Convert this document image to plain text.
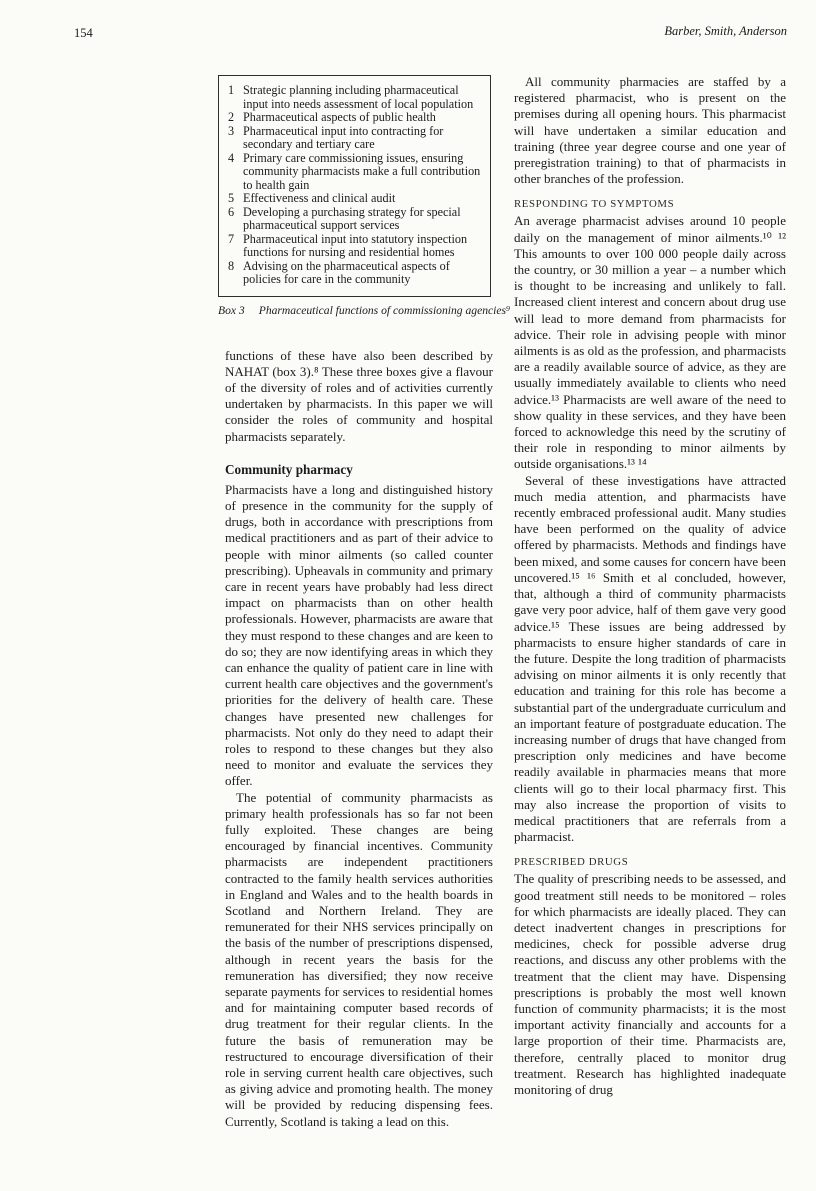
154	Barber, Smith, Anderson
1 Strategic planning including pharmaceutical input into needs assessment of local population
2 Pharmaceutical aspects of public health
3 Pharmaceutical input into contracting for secondary and tertiary care
4 Primary care commissioning issues, ensuring community pharmacists make a full contribution to health gain
5 Effectiveness and clinical audit
6 Developing a purchasing strategy for special pharmaceutical support services
7 Pharmaceutical input into statutory inspection functions for nursing and residential homes
8 Advising on the pharmaceutical aspects of policies for care in the community
Box 3 Pharmaceutical functions of commissioning agencies⁹

functions of these have also been described by NAHAT (box 3).⁸ These three boxes give a flavour of the diversity of roles and of activities currently undertaken by pharmacists. In this paper we will consider the roles of community and hospital pharmacists separately.

Community pharmacy

Pharmacists have a long and distinguished history of presence in the community for the supply of drugs, both in accordance with prescriptions from medical practitioners and as part of their advice to people with minor ailments (so called counter prescribing). Upheavals in community and primary care in recent years have probably had less direct impact on pharmacists than on other health professionals. However, pharmacists are aware that they must respond to these changes and are keen to do so; they are now identifying areas in which they can enhance the quality of patient care in line with current health care objectives and the government's priorities for the delivery of health care. These changes have presented new challenges for pharmacists. Not only do they need to adapt their roles to respond to these changes but they also need to monitor and evaluate the services they offer.

The potential of community pharmacists as primary health professionals has so far not been fully exploited. These changes are being encouraged by financial incentives. Community pharmacists are independent practitioners contracted to the family health services authorities in England and Wales and to the health boards in Scotland and Northern Ireland. They are remunerated for their NHS services principally on the basis of the number of prescriptions dispensed, although in recent years the basis for the remuneration has diversified; they now receive separate payments for services to residential homes and for maintaining computer based records of drug treatment for their regular clients. In the future the basis of remuneration may be restructured to encourage diversification of their role in serving current health care objectives, such as giving advice and promoting health. The money will be provided by reducing dispensing fees. Currently, Scotland is taking a lead on this.

All community pharmacies are staffed by a registered pharmacist, who is present on the premises during all opening hours. This pharmacist will have undertaken a similar education and training (three year degree course and one year of preregistration training) to that of pharmacists in other branches of the profession.

RESPONDING TO SYMPTOMS

An average pharmacist advises around 10 people daily on the management of minor ailments.¹⁰ ¹² This amounts to over 100 000 people daily across the country, or 30 million a year – a number which is thought to be increasing and unlikely to fall. Increased client interest and concern about drug use will lead to more demand from pharmacists for advice. Their role in advising people with minor ailments is as old as the profession, and pharmacists are a readily available source of advice, as they are usually immediately available to clients who need advice.¹³ Pharmacists are well aware of the need to show quality in these services, and they have been forced to acknowledge this need by the scrutiny of their role in responding to minor ailments by outside organisations.¹³ ¹⁴

Several of these investigations have attracted much media attention, and pharmacists have recently embraced professional audit. Many studies have been performed on the quality of advice offered by pharmacists. Methods and findings have been mixed, and some causes for concern have been uncovered.¹⁵ ¹⁶ Smith et al concluded, however, that, although a third of community pharmacists gave very poor advice, half of them gave very good advice.¹⁵ These issues are being addressed by pharmacists to ensure higher standards of care in the future. Despite the long tradition of pharmacists advising on minor ailments it is only recently that education and training for this role has become a substantial part of the undergraduate curriculum and an important feature of postgraduate education. The increasing number of drugs that have changed from prescription only medicines and have become readily available in pharmacies means that more clients will go to their local pharmacy first. This may also increase the proportion of visits to medical practitioners that are referrals from a pharmacist.

PRESCRIBED DRUGS

The quality of prescribing needs to be assessed, and good treatment still needs to be monitored – roles for which pharmacists are ideally placed. They can detect inadvertent changes in prescriptions for medicines, check for possible adverse drug reactions, and discuss any other problems with the treatment that the client may have. Dispensing prescriptions is probably the most well known function of community pharmacists; it is the most important activity financially and accounts for a large proportion of their time. Pharmacists are, therefore, centrally placed to monitor drug treatment. Research has highlighted inadequate monitoring of drug
